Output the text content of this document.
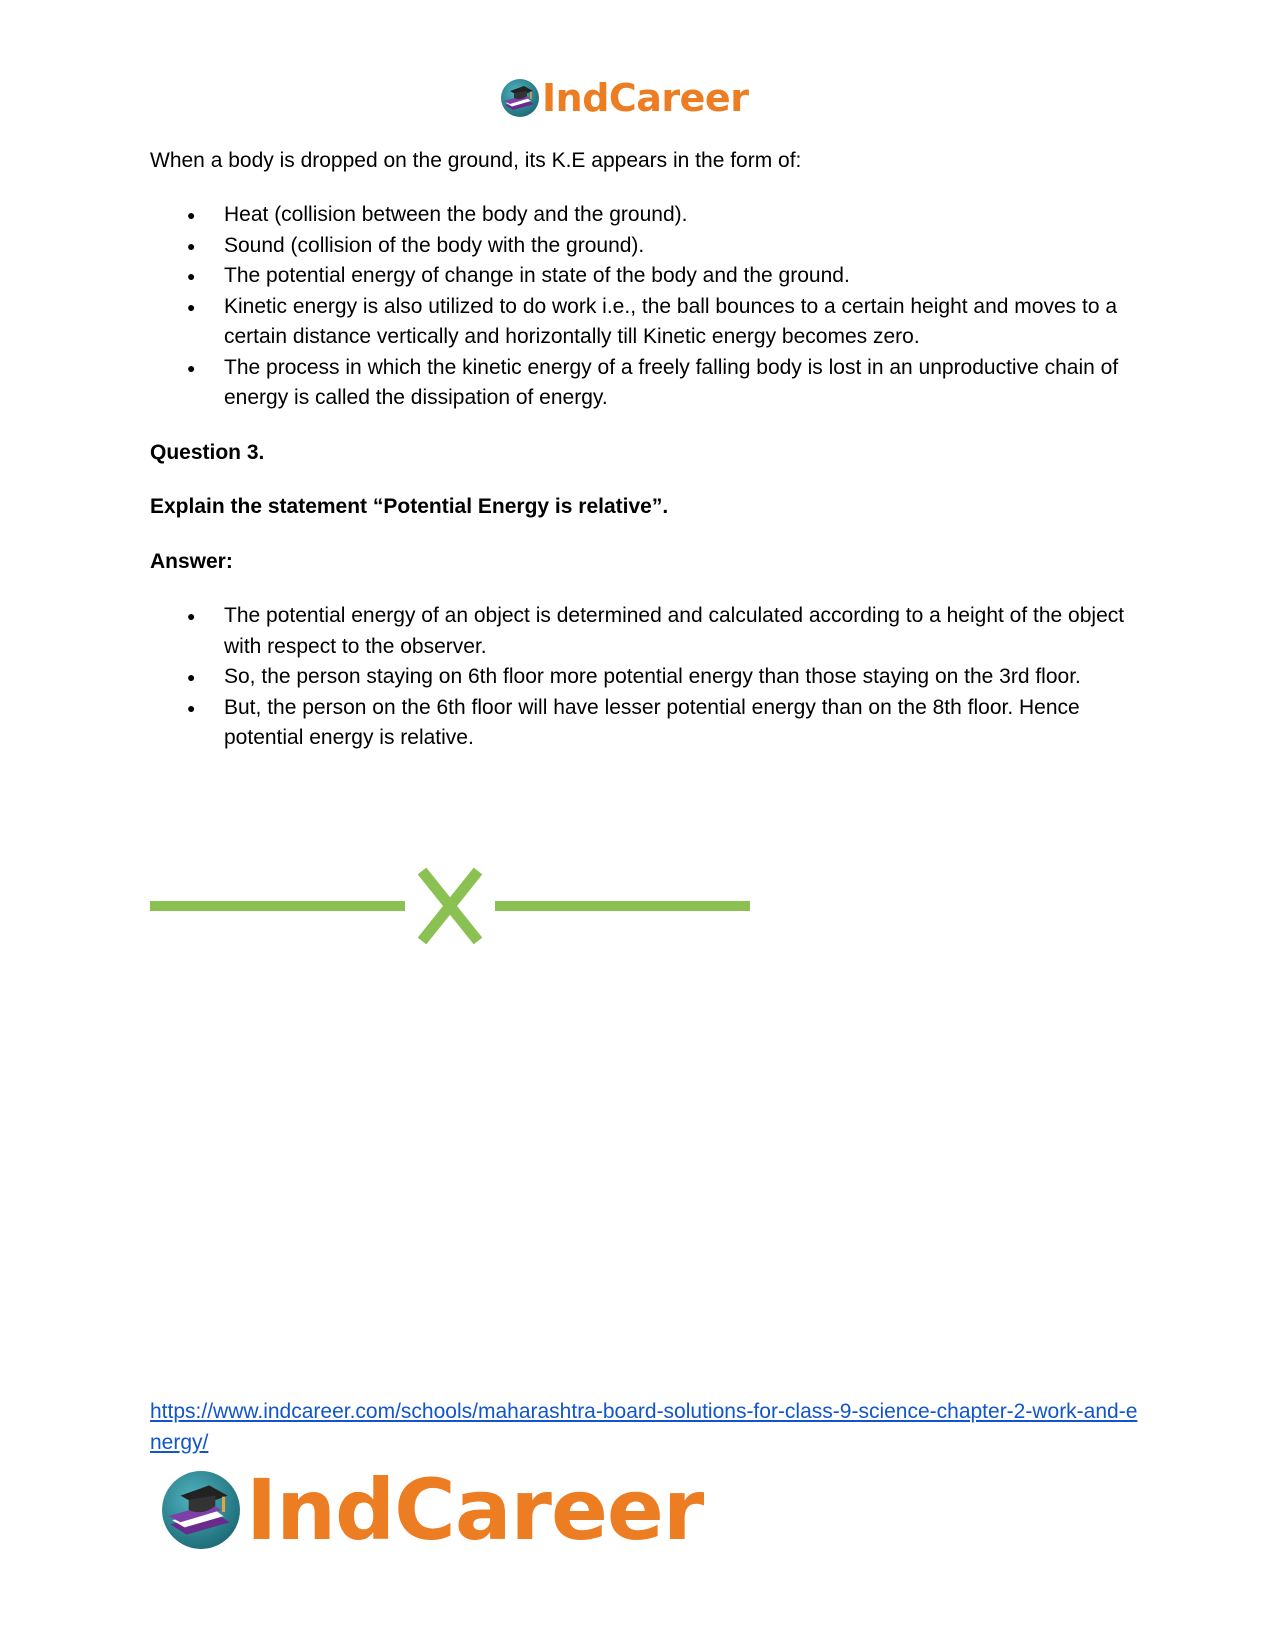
IndCareer

When a body is dropped on the ground, its K.E appears in the form of:

● Heat (collision between the body and the ground).
● Sound (collision of the body with the ground).
● The potential energy of change in state of the body and the ground.
● Kinetic energy is also utilized to do work i.e., the ball bounces to a certain height and moves to a certain distance vertically and horizontally till Kinetic energy becomes zero.
● The process in which the kinetic energy of a freely falling body is lost in an unproductive chain of energy is called the dissipation of energy.

Question 3.

Explain the statement “Potential Energy is relative”.

Answer:

● The potential energy of an object is determined and calculated according to a height of the object with respect to the observer.
● So, the person staying on 6th floor more potential energy than those staying on the 3rd floor.
● But, the person on the 6th floor will have lesser potential energy than on the 8th floor. Hence potential energy is relative.
https://www.indcareer.com/schools/maharashtra-board-solutions-for-class-9-science-chapter-2-work-and-energy/
IndCareer
